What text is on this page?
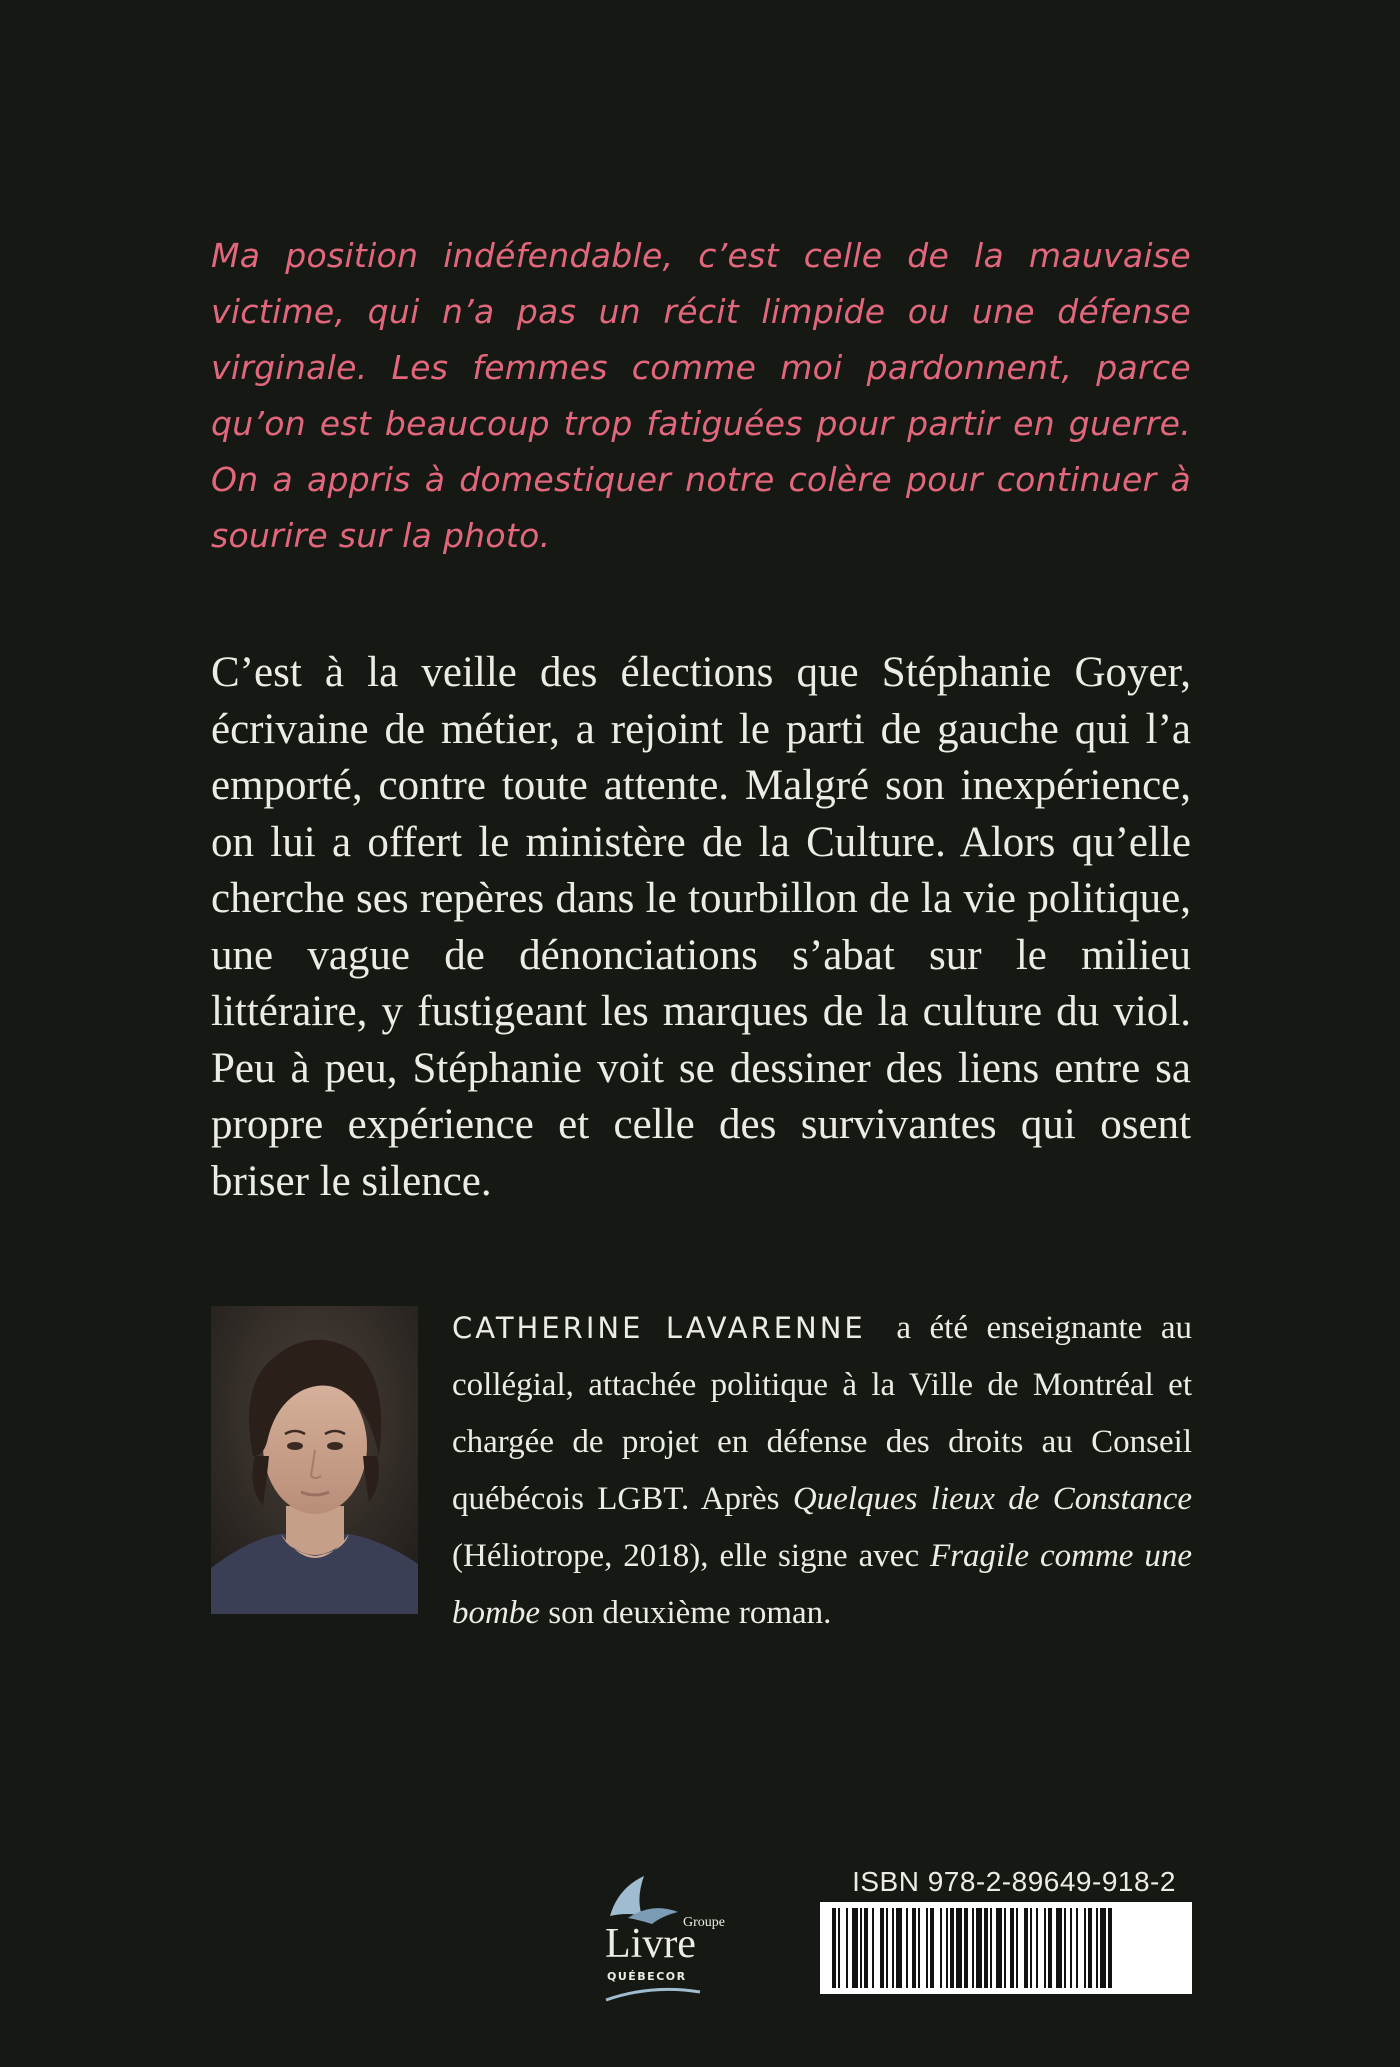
Ma position indéfendable, c’est celle de la mauvaise victime, qui n’a pas un récit limpide ou une défense virginale. Les femmes comme moi pardonnent, parce qu’on est beaucoup trop fatiguées pour partir en guerre. On a appris à domestiquer notre colère pour continuer à sourire sur la photo.

C’est à la veille des élections que Stéphanie Goyer, écrivaine de métier, a rejoint le parti de gauche qui l’a emporté, contre toute attente. Malgré son inexpérience, on lui a offert le ministère de la Culture. Alors qu’elle cherche ses repères dans le tourbillon de la vie politique, une vague de dénonciations s’abat sur le milieu littéraire, y fustigeant les marques de la culture du viol. Peu à peu, Stéphanie voit se dessiner des liens entre sa propre expérience et celle des survivantes qui osent briser le silence.

CATHERINE LAVARENNE a été enseignante au collégial, attachée politique à la Ville de Montréal et chargée de projet en défense des droits au Conseil québécois LGBT. Après Quelques lieux de Constance (Héliotrope, 2018), elle signe avec Fragile comme une bombe son deuxième roman.

Groupe
Livre
QUÉBECOR
ISBN 978-2-89649-918-2
